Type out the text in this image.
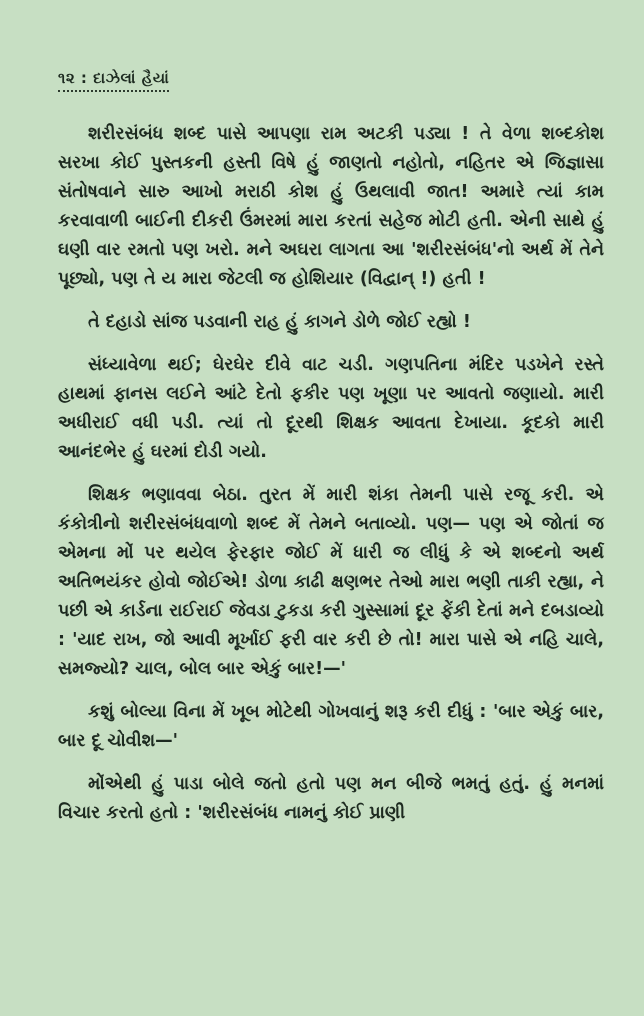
૧૨ : દાઝેલાં હૈયાં

શરીરસંબંધ શબ્દ પાસે આપણા રામ અટકી પડ્યા ! તે વેળા શબ્દકોશ સરખા કોઈ પુસ્તકની હસ્તી વિષે હું જાણતો નહોતો, નહિતર એ જિજ્ઞાસા સંતોષવાને સારુ આખો મરાઠી કોશ હું ઉથલાવી જાત! અમારે ત્યાં કામ કરવાવાળી બાઈની દીકરી ઉંમરમાં મારા કરતાં સહેજ મોટી હતી. એની સાથે હું ઘણી વાર રમતો પણ ખરો. મને અઘરા લાગતા આ 'શરીરસંબંધ'નો અર્થ મેં તેને પૂછ્યો, પણ તે ય મારા જેટલી જ હોશિયાર (વિદ્વાન્ !) હતી !

તે દહાડો સાંજ પડવાની રાહ હું કાગને ડોળે જોઈ રહ્યો !

સંધ્યાવેળા થઈ; ઘેરઘેર દીવે વાટ ચડી. ગણપતિના મંદિર પડખેને રસ્તે હાથમાં ફાનસ લઈને આંટે દેતો ફકીર પણ ખૂણા પર આવતો જણાયો. મારી અધીરાઈ વધી પડી. ત્યાં તો દૂરથી શિક્ષક આવતા દેખાયા. કૂદકો મારી આનંદભેર હું ઘરમાં દોડી ગયો.

શિક્ષક ભણાવવા બેઠા. તુરત મેં મારી શંકા તેમની પાસે રજૂ કરી. એ કંકોત્રીનો શરીરસંબંધવાળો શબ્દ મેં તેમને બતાવ્યો. પણ— પણ એ જોતાં જ એમના મોં પર થયેલ ફેરફાર જોઈ મેં ધારી જ લીધું કે એ શબ્દનો અર્થ અતિભયંકર હોવો જોઈએ! ડોળા કાઢી ક્ષણભર તેઓ મારા ભણી તાકી રહ્યા, ને પછી એ કાર્ડના રાઈરાઈ જેવડા ટુકડા કરી ગુસ્સામાં દૂર ફેંકી દેતાં મને દબડાવ્યો : 'યાદ રાખ, જો આવી મૂર્ખાઈ ફરી વાર કરી છે તો! મારા પાસે એ નહિ ચાલે, સમજ્યો? ચાલ, બોલ બાર એકું બાર!—'

કશું બોલ્યા વિના મેં ખૂબ મોટેથી ગોખવાનું શરૂ કરી દીધું : 'બાર એકું બાર, બાર દૂ ચોવીશ—'

મોંએથી હું પાડા બોલે જતો હતો પણ મન બીજે ભમતું હતું. હું મનમાં વિચાર કરતો હતો : 'શરીરસંબંધ નામનું કોઈ પ્રાણી
